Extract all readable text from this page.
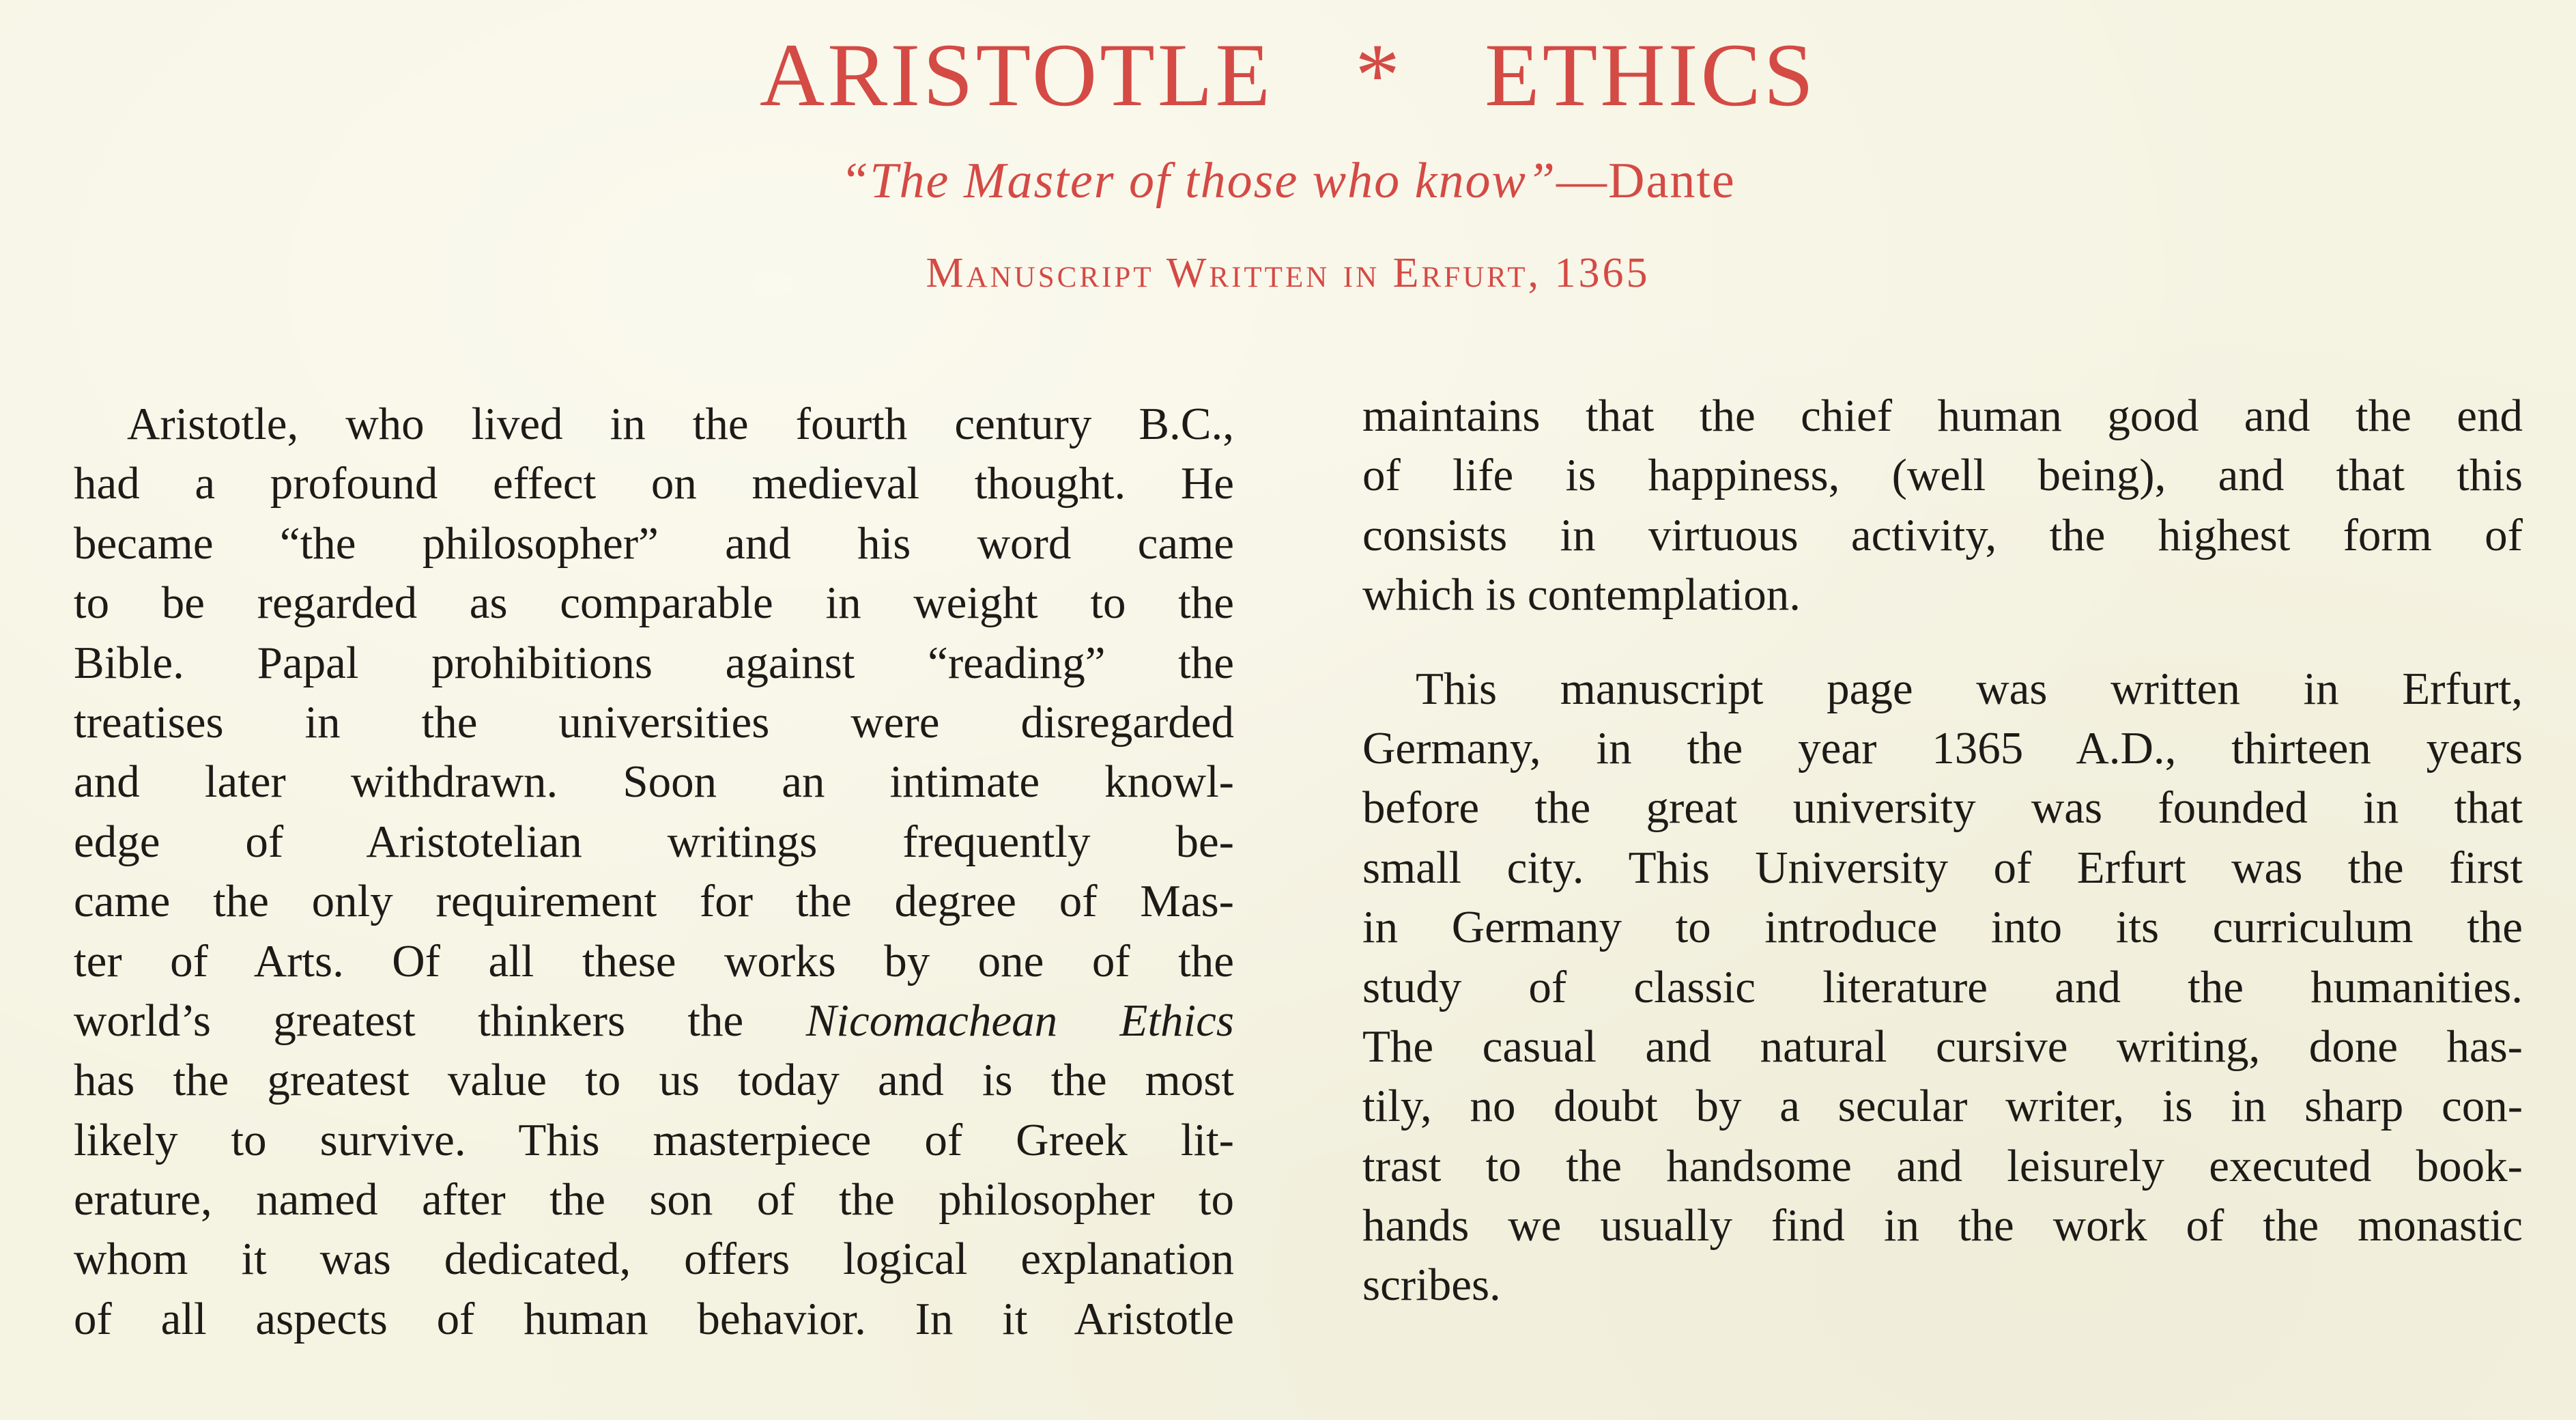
ARISTOTLE * ETHICS
“The Master of those who know”—Dante
Manuscript Written in Erfurt, 1365
Aristotle, who lived in the fourth century B.C.,
had a profound effect on medieval thought. He
became “the philosopher” and his word came
to be regarded as comparable in weight to the
Bible. Papal prohibitions against “reading” the
treatises in the universities were disregarded
and later withdrawn. Soon an intimate knowl-
edge of Aristotelian writings frequently be-
came the only requirement for the degree of Mas-
ter of Arts. Of all these works by one of the
world’s greatest thinkers the Nicomachean Ethics
has the greatest value to us today and is the most
likely to survive. This masterpiece of Greek lit-
erature, named after the son of the philosopher to
whom it was dedicated, offers logical explanation
of all aspects of human behavior. In it Aristotle
maintains that the chief human good and the end
of life is happiness, (well being), and that this
consists in virtuous activity, the highest form of
which is contemplation.
This manuscript page was written in Erfurt,
Germany, in the year 1365 A.D., thirteen years
before the great university was founded in that
small city. This University of Erfurt was the first
in Germany to introduce into its curriculum the
study of classic literature and the humanities.
The casual and natural cursive writing, done has-
tily, no doubt by a secular writer, is in sharp con-
trast to the handsome and leisurely executed book-
hands we usually find in the work of the monastic
scribes.
